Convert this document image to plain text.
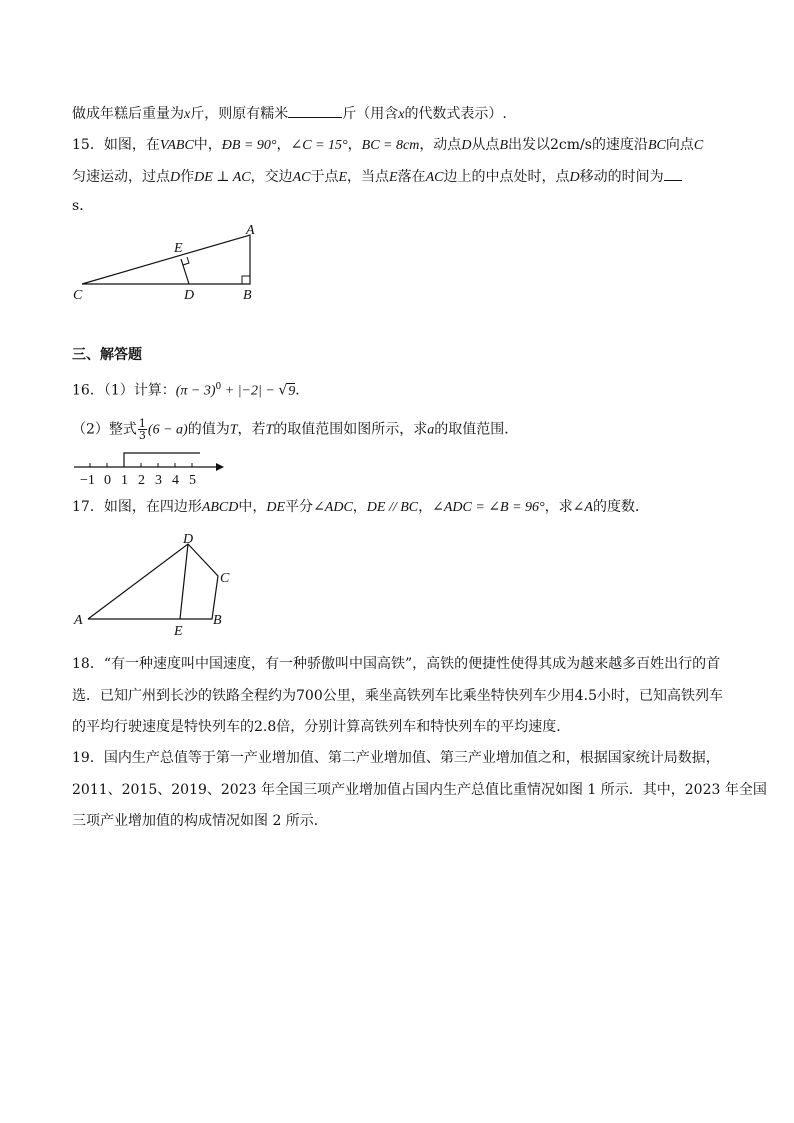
做成年糕后重量为x斤，则原有糯米	斤（用含x的代数式表示）.
15．如图，在VABC中，ÐB = 90°，∠C = 15°，BC = 8cm，动点D从点B出发以2cm/s的速度沿BC向点C
匀速运动，过点D作DE ⊥ AC，交边AC于点E，当点E落在AC边上的中点处时，点D移动的时间为
s．
A
E
C	D	B
三、解答题
16．（1）计算：$(\pi - 3)^0 + |-2| - √9$．
（2）整式 $\frac{1}{3} (6 - a)$的值为T，若T的取值范围如图所示，求a的取值范围．
−1 0 1 2 3 4 5
17．如图，在四边形ABCD中，DE平分∠ADC，DE // BC，∠ADC = ∠B = 96°，求∠A的度数．
D
C
A
E
B
18．“有一种速度叫中国速度，有一种骄傲叫中国高铁”，高铁的便捷性使得其成为越来越多百姓出行的首
选．已知广州到长沙的铁路全程约为700公里，乘坐高铁列车比乘坐特快列车少用4.5小时，已知高铁列车
的平均行驶速度是特快列车的2.8倍，分别计算高铁列车和特快列车的平均速度．
19．国内生产总值等于第一产业增加值、第二产业增加值、第三产业增加值之和，根据国家统计局数据，
2011、2015、2019、2023 年全国三项产业增加值占国内生产总值比重情况如图 1 所示．其中，2023 年全国
三项产业增加值的构成情况如图 2 所示．
